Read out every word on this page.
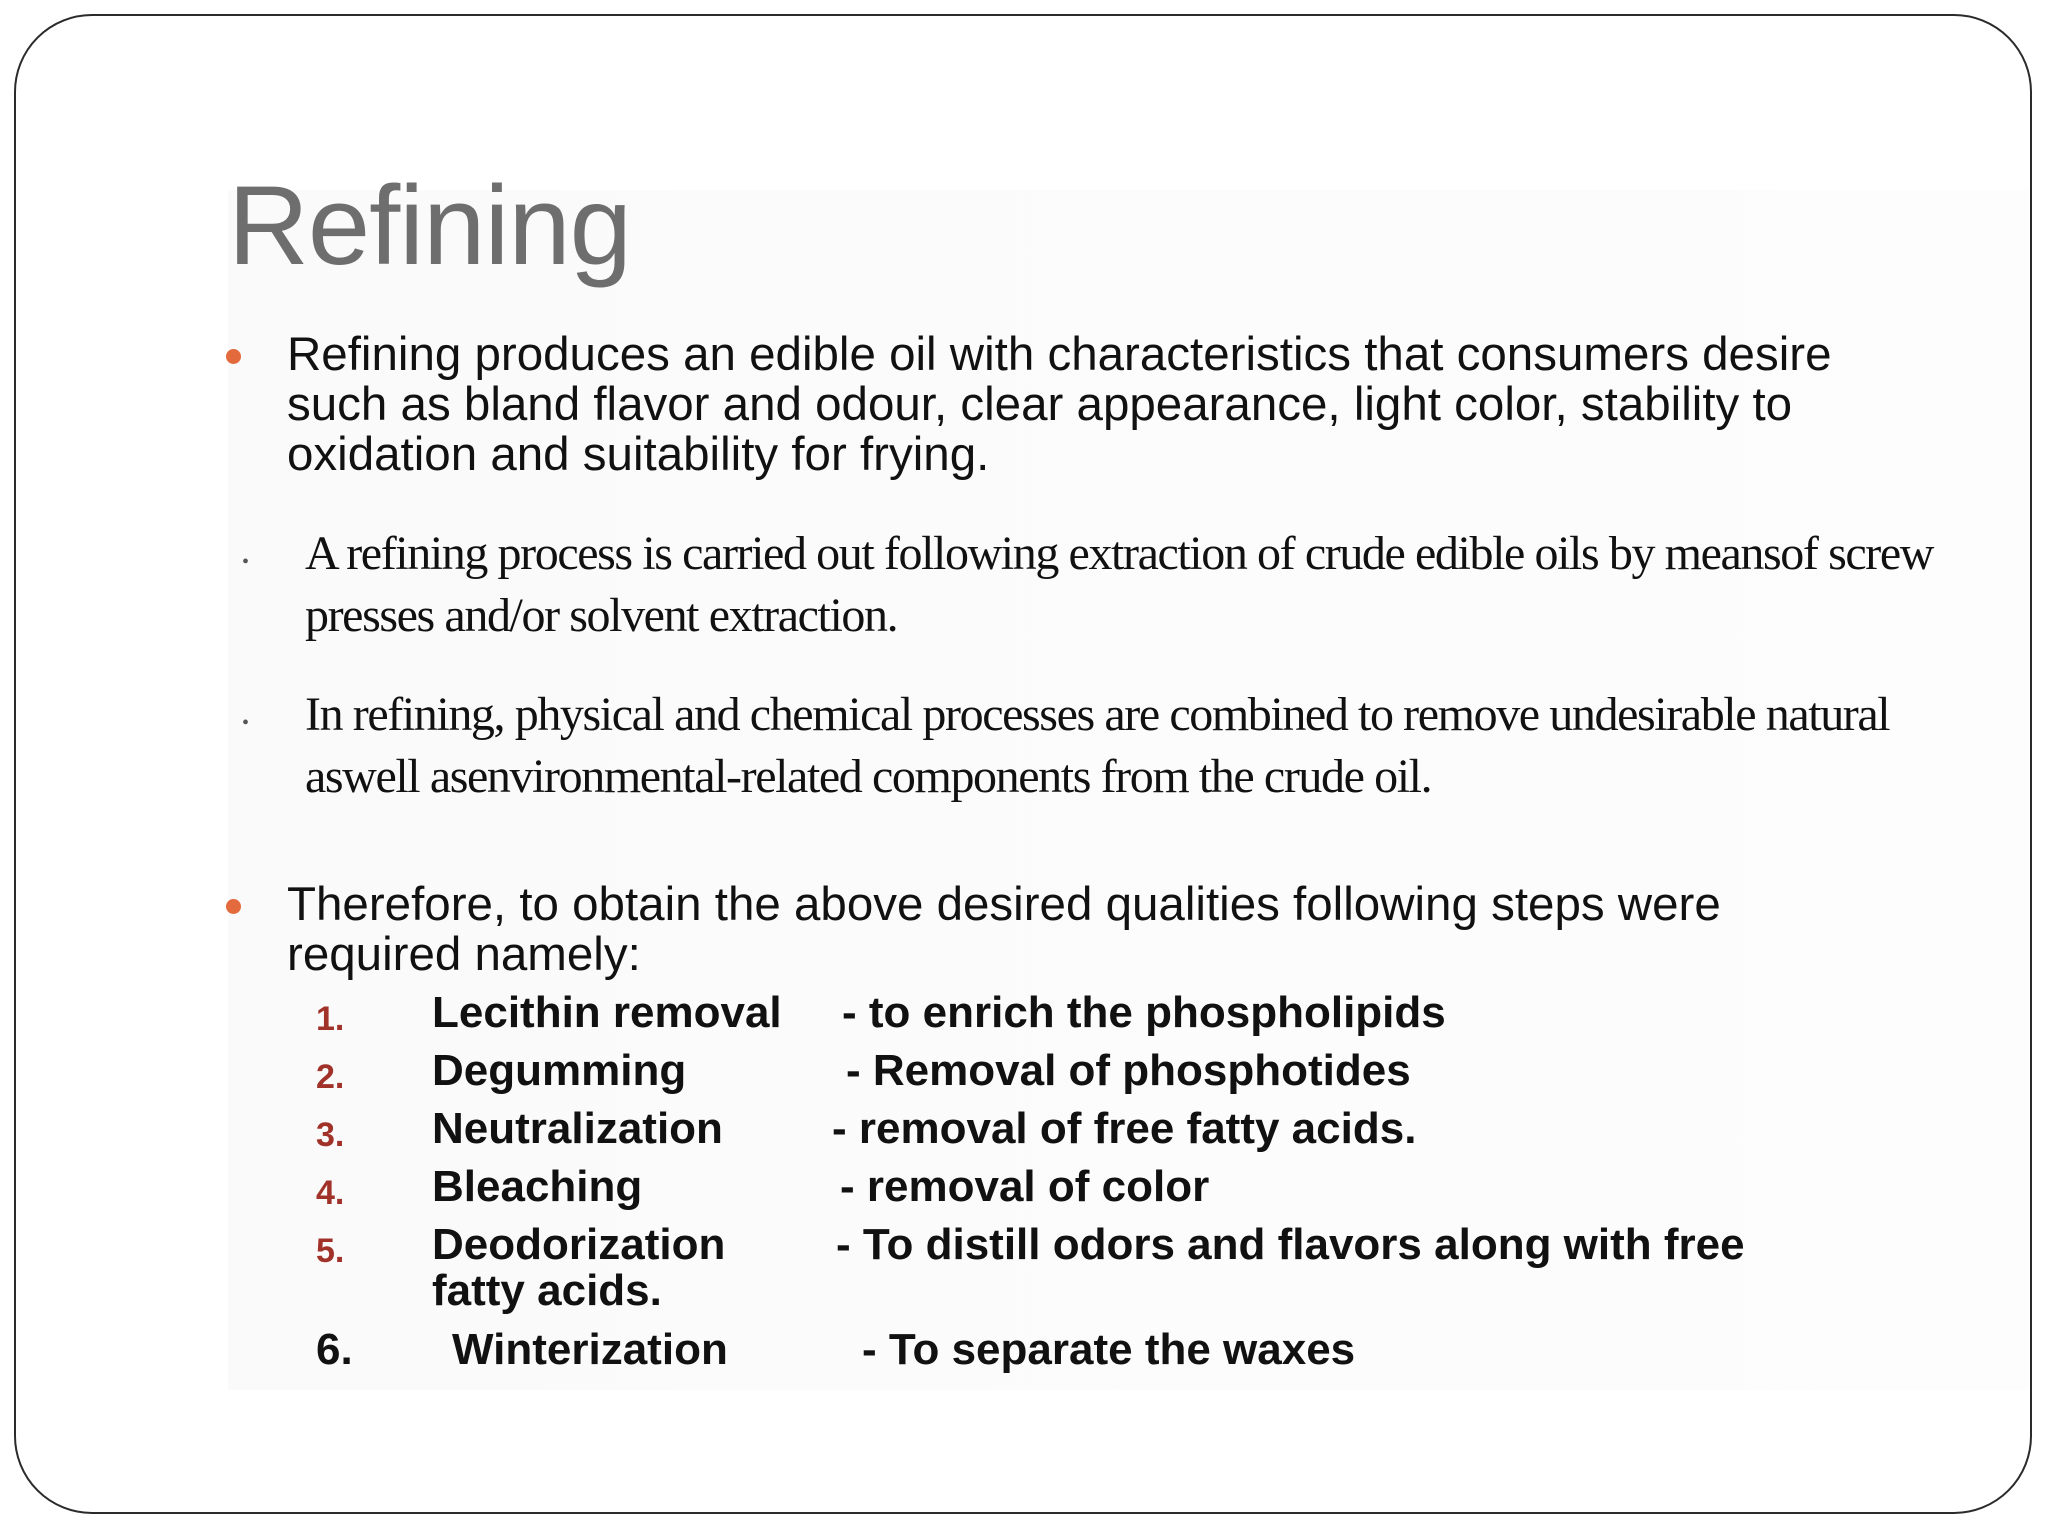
Refining
Refining produces an edible oil with characteristics that consumers desire such as bland flavor and odour, clear appearance, light color, stability to oxidation and suitability for frying.
• A refining process is carried out following extraction of crude edible oils by meansof screw presses and/or solvent extraction.
• In refining, physical and chemical processes are combined to remove undesirable natural aswell asenvironmental-related components from the crude oil.
Therefore, to obtain the above desired qualities following steps were required namely:
1. Lecithin removal - to enrich the phospholipids
2. Degumming	- Removal of phosphotides
3. Neutralization - removal of free fatty acids.
4. Bleaching	- removal of color
5. Deodorization	- To distill odors and flavors along with free
fatty acids.
6. Winterization	- To separate the waxes
